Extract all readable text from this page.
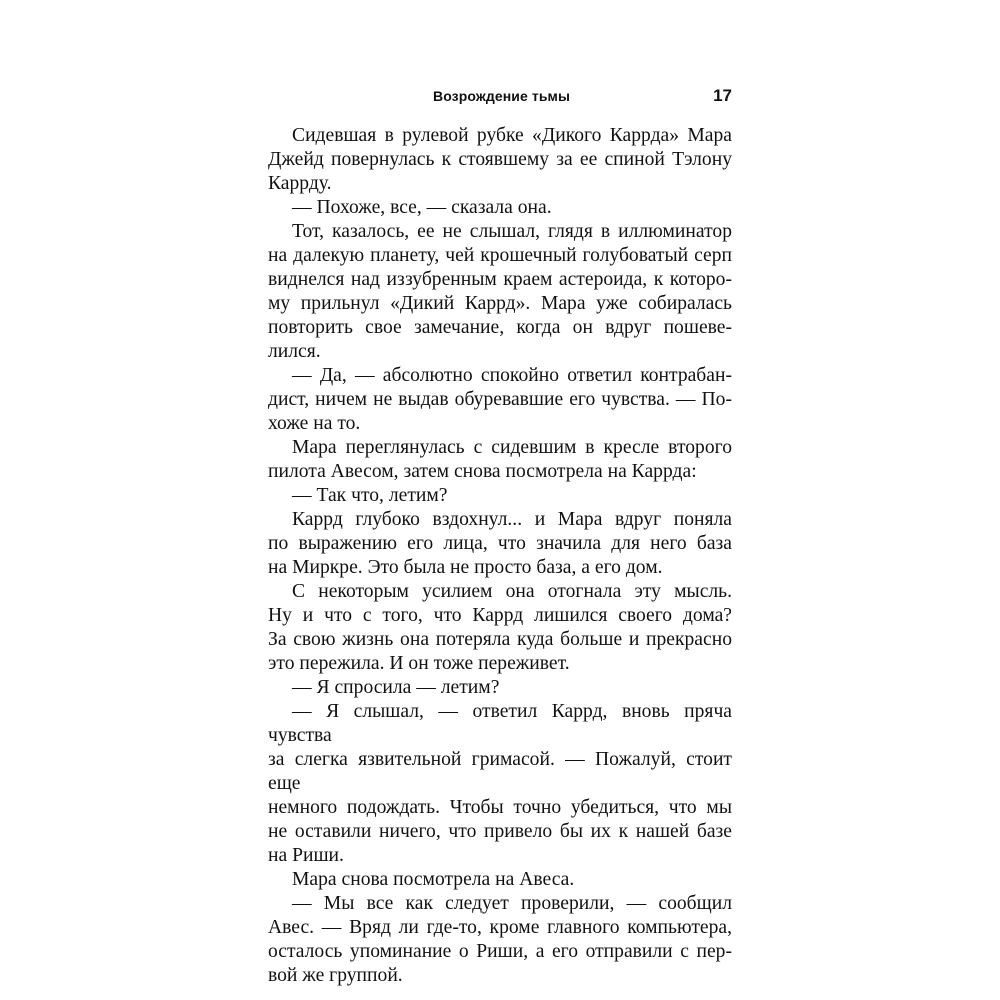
Возрождение тьмы	17

Сидевшая в рулевой рубке «Дикого Каррда» Мара
Джейд повернулась к стоявшему за ее спиной Тэлону
Каррду.

— Похоже, все, — сказала она.

Тот, казалось, ее не слышал, глядя в иллюминатор
на далекую планету, чей крошечный голубоватый серп
виднелся над иззубренным краем астероида, к которо-
му прильнул «Дикий Каррд». Мара уже собиралась
повторить свое замечание, когда он вдруг пошеве-
лился.

— Да, — абсолютно спокойно ответил контрабан-
дист, ничем не выдав обуревавшие его чувства. — По-
хоже на то.

Мара переглянулась с сидевшим в кресле второго
пилота Авесом, затем снова посмотрела на Каррда:

— Так что, летим?

Каррд глубоко вздохнул... и Мара вдруг поняла
по выражению его лица, что значила для него база
на Миркре. Это была не просто база, а его дом.

С некоторым усилием она отогнала эту мысль.
Ну и что с того, что Каррд лишился своего дома?
За свою жизнь она потеряла куда больше и прекрасно
это пережила. И он тоже переживет.

— Я спросила — летим?

— Я слышал, — ответил Каррд, вновь пряча чувства
за слегка язвительной гримасой. — Пожалуй, стоит еще
немного подождать. Чтобы точно убедиться, что мы
не оставили ничего, что привело бы их к нашей базе
на Риши.

Мара снова посмотрела на Авеса.

— Мы все как следует проверили, — сообщил
Авес. — Вряд ли где-то, кроме главного компьютера,
осталось упоминание о Риши, а его отправили с пер-
вой же группой.
